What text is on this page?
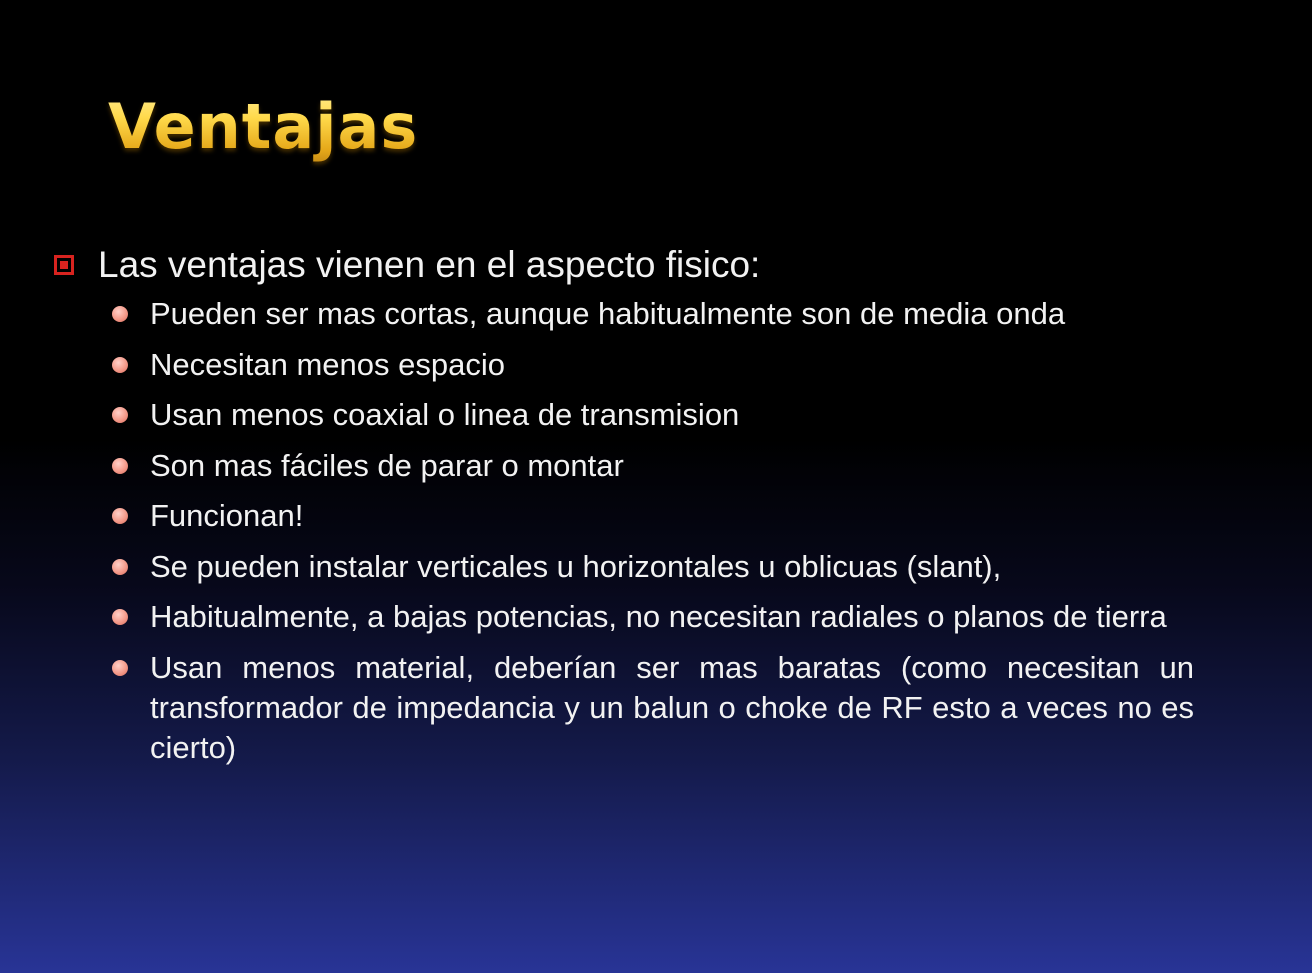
Ventajas
Las ventajas vienen en el aspecto fisico:
Pueden ser mas cortas, aunque habitualmente son de media onda
Necesitan menos espacio
Usan menos coaxial o linea de transmision
Son mas fáciles de parar o montar
Funcionan!
Se pueden instalar verticales u horizontales u oblicuas (slant),
Habitualmente, a bajas potencias, no necesitan radiales o planos de tierra
Usan menos material, deberían ser mas baratas (como necesitan un transformador de impedancia y un balun o choke de RF esto a veces no es cierto)
